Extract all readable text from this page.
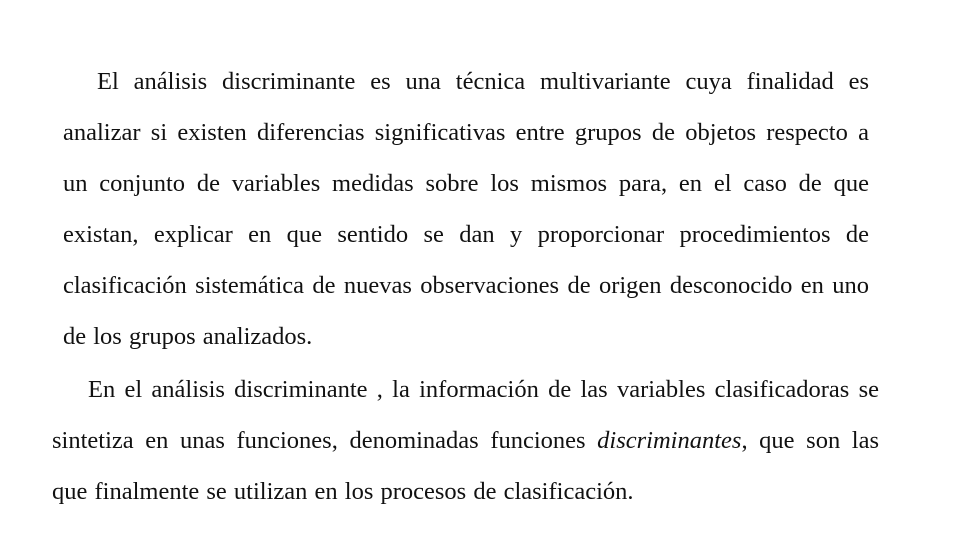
El análisis discriminante es una técnica multivariante cuya finalidad es analizar si existen diferencias significativas entre grupos de objetos respecto a un conjunto de variables medidas sobre los mismos para, en el caso de que existan, explicar en que sentido se dan y proporcionar procedimientos de clasificación sistemática de nuevas observaciones de origen desconocido en uno de los grupos analizados.

En el análisis discriminante , la información de las variables clasificadoras se sintetiza en unas funciones, denominadas funciones discriminantes, que son las que finalmente se utilizan en los procesos de clasificación.
